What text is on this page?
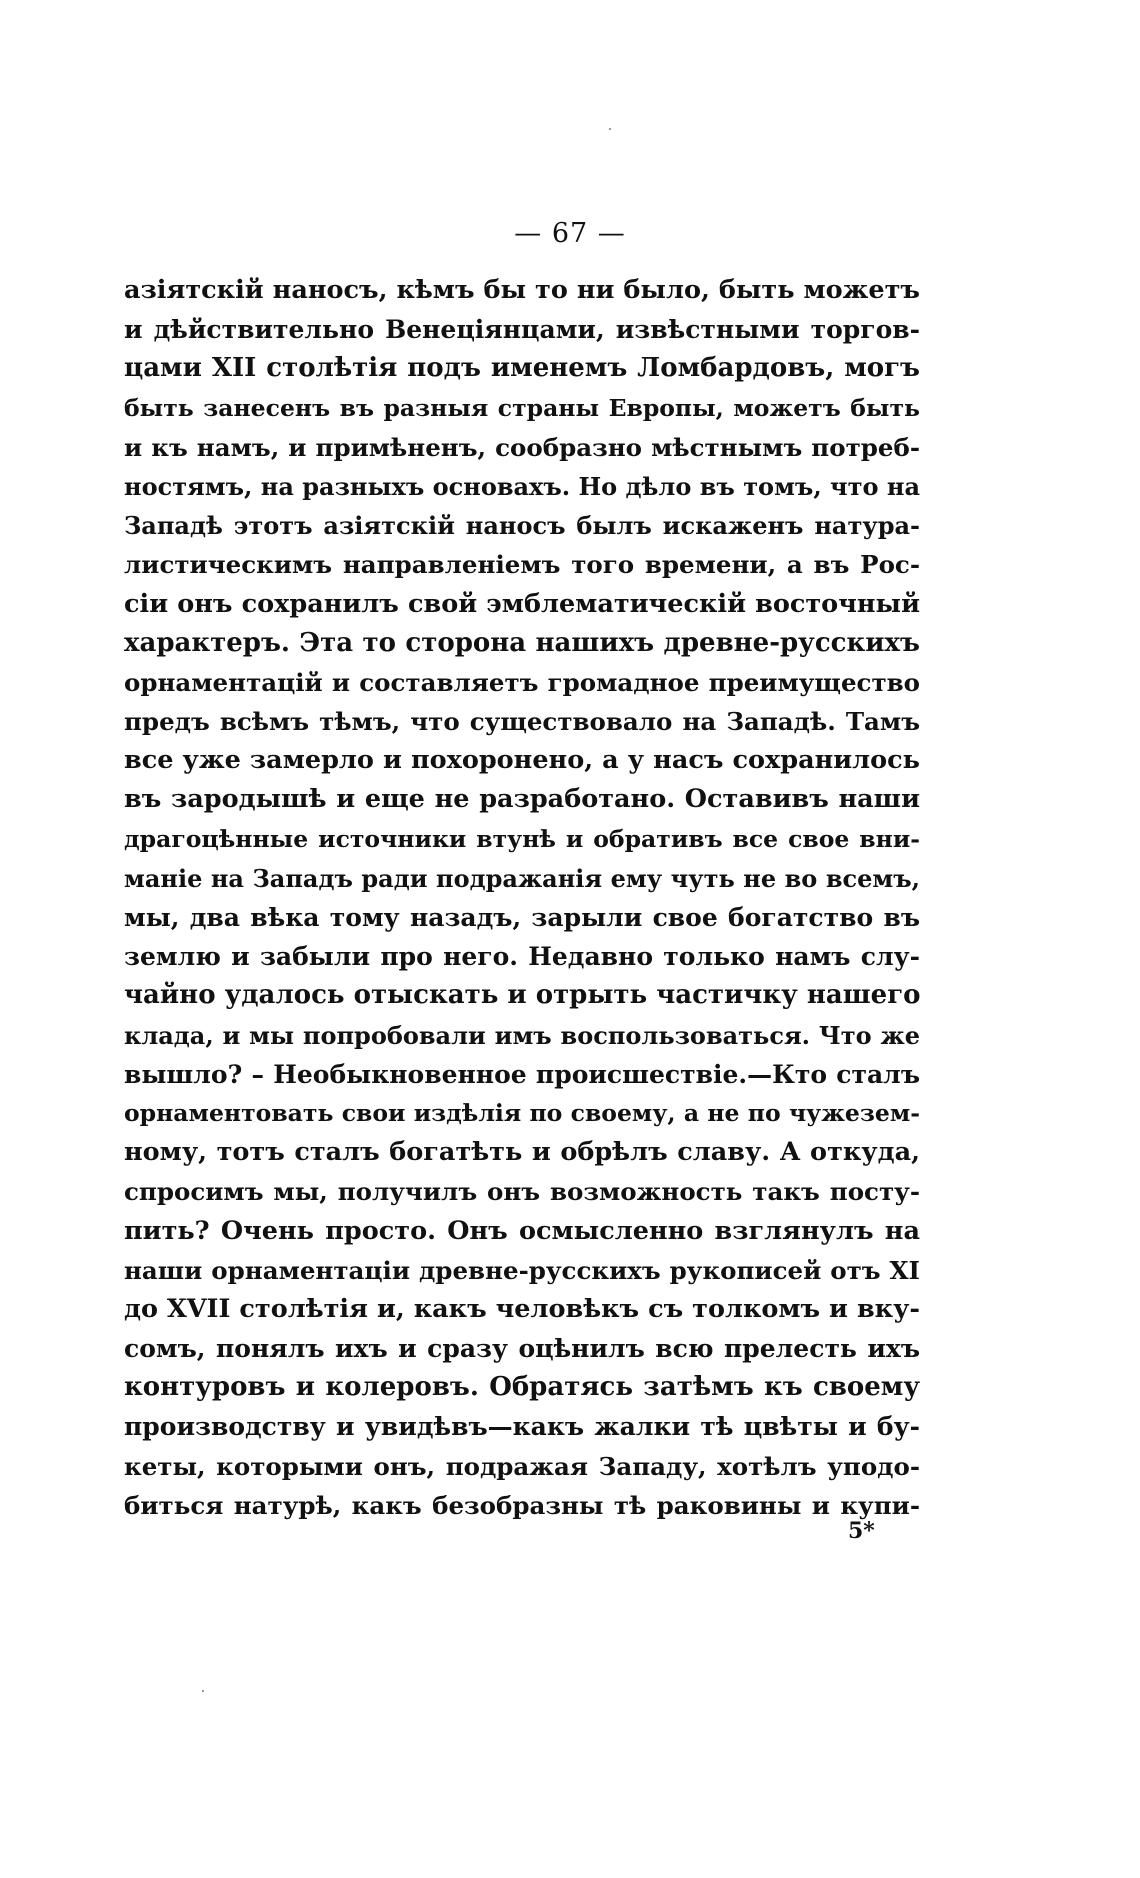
— 67 —
азіятскій наносъ, кѣмъ бы то ни было, быть можетъ
и дѣйствительно Венеціянцами, извѣстными торгов-
цами XII столѣтія подъ именемъ Ломбардовъ, могъ
быть занесенъ въ разныя страны Европы, можетъ быть
и къ намъ, и примѣненъ, сообразно мѣстнымъ потреб-
ностямъ, на разныхъ основахъ. Но дѣло въ томъ, что на
Западѣ этотъ азіятскій наносъ былъ искаженъ натура-
листическимъ направленіемъ того времени, а въ Рос-
сіи онъ сохранилъ свой эмблематическій восточный
характеръ. Эта то сторона нашихъ древне-русскихъ
орнаментацій и составляетъ громадное преимущество
предъ всѣмъ тѣмъ, что существовало на Западѣ. Тамъ
все уже замерло и похоронено, а у насъ сохранилось
въ зародышѣ и еще не разработано. Оставивъ наши
драгоцѣнные источники втунѣ и обративъ все свое вни-
маніе на Западъ ради подражанія ему чуть не во всемъ,
мы, два вѣка тому назадъ, зарыли свое богатство въ
землю и забыли про него. Недавно только намъ слу-
чайно удалось отыскать и отрыть частичку нашего
клада, и мы попробовали имъ воспользоваться. Что же
вышло? – Необыкновенное происшествіе.—Кто сталъ
орнаментовать свои издѣлія по своему, а не по чужезем-
ному, тотъ сталъ богатѣть и обрѣлъ славу. А откуда,
спросимъ мы, получилъ онъ возможность такъ посту-
пить? Очень просто. Онъ осмысленно взглянулъ на
наши орнаментаціи древне-русскихъ рукописей отъ XI
до XVII столѣтія и, какъ человѣкъ съ толкомъ и вку-
сомъ, понялъ ихъ и сразу оцѣнилъ всю прелесть ихъ
контуровъ и колеровъ. Обратясь затѣмъ къ своему
производству и увидѣвъ—какъ жалки тѣ цвѣты и бу-
кеты, которыми онъ, подражая Западу, хотѣлъ уподо-
биться натурѣ, какъ безобразны тѣ раковины и купи-
5*
